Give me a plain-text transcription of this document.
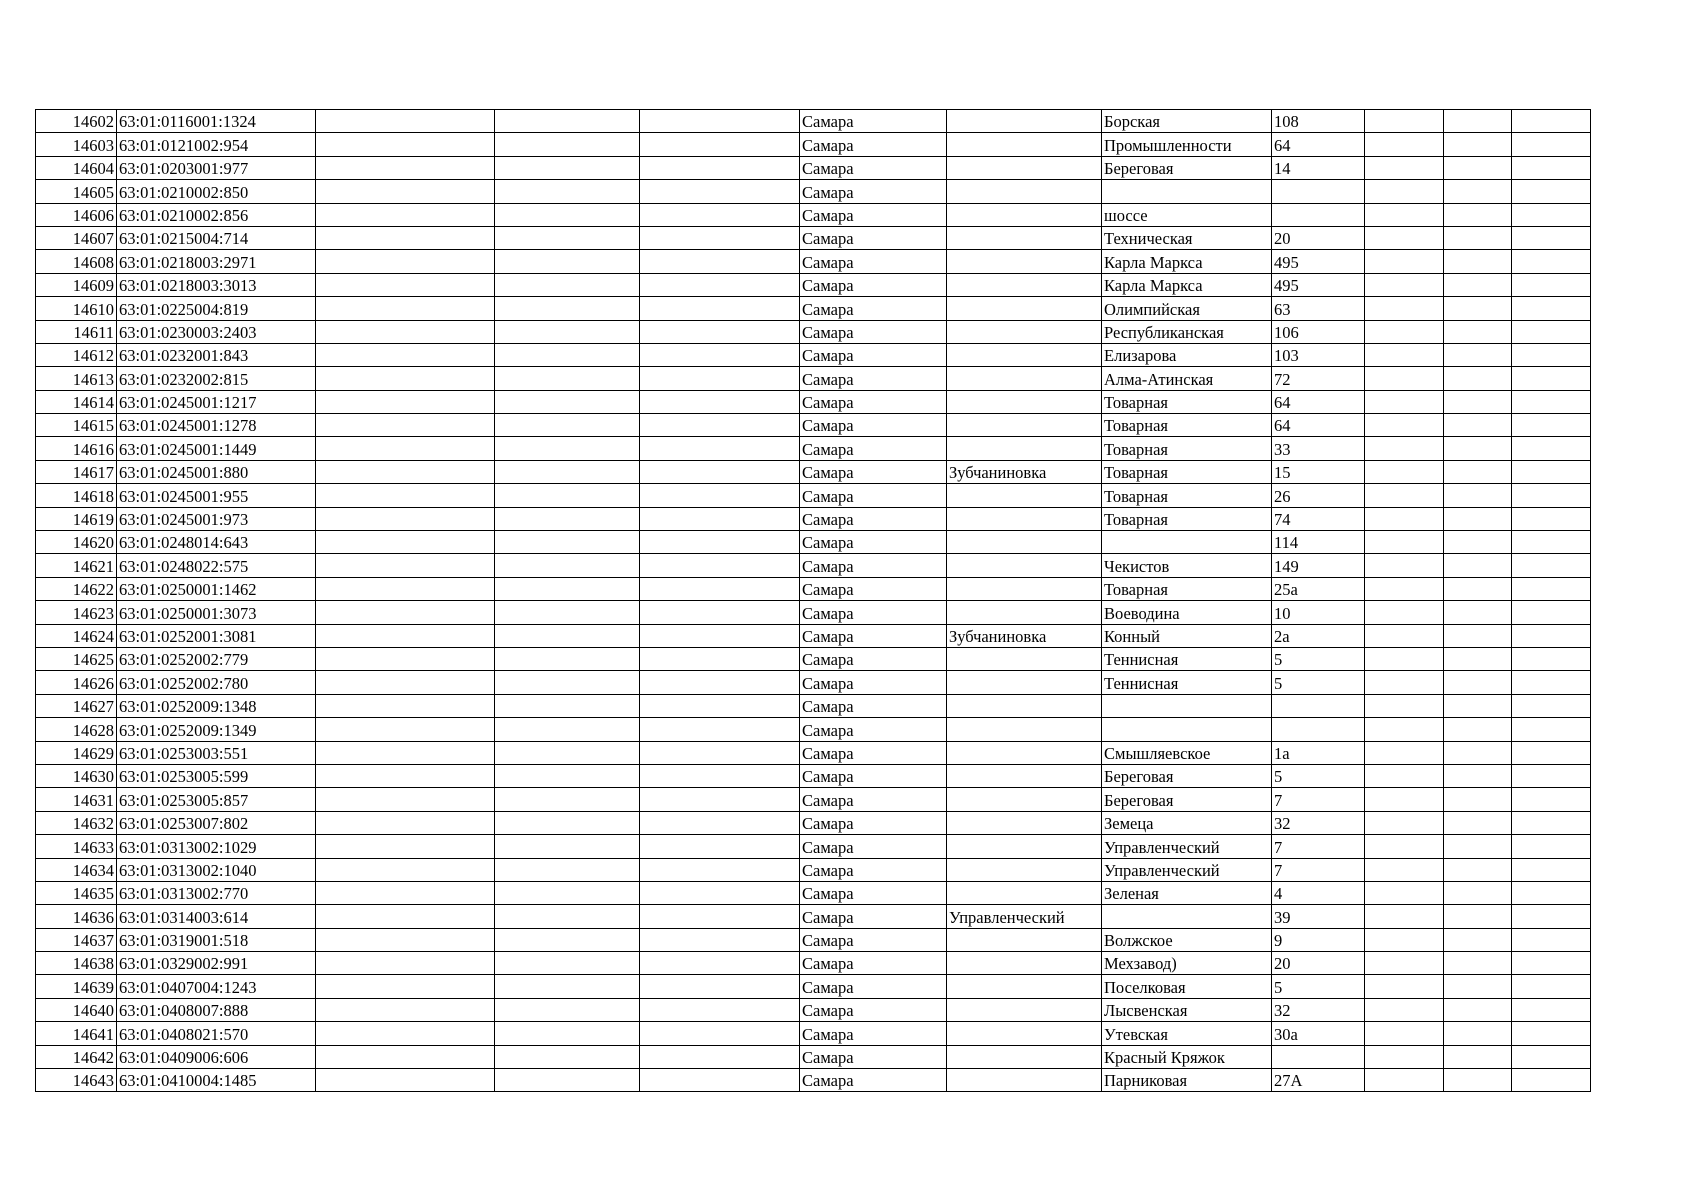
14602	63:01:0116001:1324				Самара		Борская	108			
14603	63:01:0121002:954				Самара		Промышленности	64			
14604	63:01:0203001:977				Самара		Береговая	14			
14605	63:01:0210002:850				Самара						
14606	63:01:0210002:856				Самара		шоссе				
14607	63:01:0215004:714				Самара		Техническая	20			
14608	63:01:0218003:2971				Самара		Карла Маркса	495			
14609	63:01:0218003:3013				Самара		Карла Маркса	495			
14610	63:01:0225004:819				Самара		Олимпийская	63			
14611	63:01:0230003:2403				Самара		Республиканская	106			
14612	63:01:0232001:843				Самара		Елизарова	103			
14613	63:01:0232002:815				Самара		Алма-Атинская	72			
14614	63:01:0245001:1217				Самара		Товарная	64			
14615	63:01:0245001:1278				Самара		Товарная	64			
14616	63:01:0245001:1449				Самара		Товарная	33			
14617	63:01:0245001:880				Самара	Зубчаниновка	Товарная	15			
14618	63:01:0245001:955				Самара		Товарная	26			
14619	63:01:0245001:973				Самара		Товарная	74			
14620	63:01:0248014:643				Самара			114			
14621	63:01:0248022:575				Самара		Чекистов	149			
14622	63:01:0250001:1462				Самара		Товарная	25а			
14623	63:01:0250001:3073				Самара		Воеводина	10			
14624	63:01:0252001:3081				Самара	Зубчаниновка	Конный	2а			
14625	63:01:0252002:779				Самара		Теннисная	5			
14626	63:01:0252002:780				Самара		Теннисная	5			
14627	63:01:0252009:1348				Самара						
14628	63:01:0252009:1349				Самара						
14629	63:01:0253003:551				Самара		Смышляевское	1а			
14630	63:01:0253005:599				Самара		Береговая	5			
14631	63:01:0253005:857				Самара		Береговая	7			
14632	63:01:0253007:802				Самара		Земеца	32			
14633	63:01:0313002:1029				Самара		Управленческий	7			
14634	63:01:0313002:1040				Самара		Управленческий	7			
14635	63:01:0313002:770				Самара		Зеленая	4			
14636	63:01:0314003:614				Самара	Управленческий		39			
14637	63:01:0319001:518				Самара		Волжское	9			
14638	63:01:0329002:991				Самара		Мехзавод)	20			
14639	63:01:0407004:1243				Самара		Поселковая	5			
14640	63:01:0408007:888				Самара		Лысвенская	32			
14641	63:01:0408021:570				Самара		Утевская	30а			
14642	63:01:0409006:606				Самара		Красный Кряжок				
14643	63:01:0410004:1485				Самара		Парниковая	27А			
